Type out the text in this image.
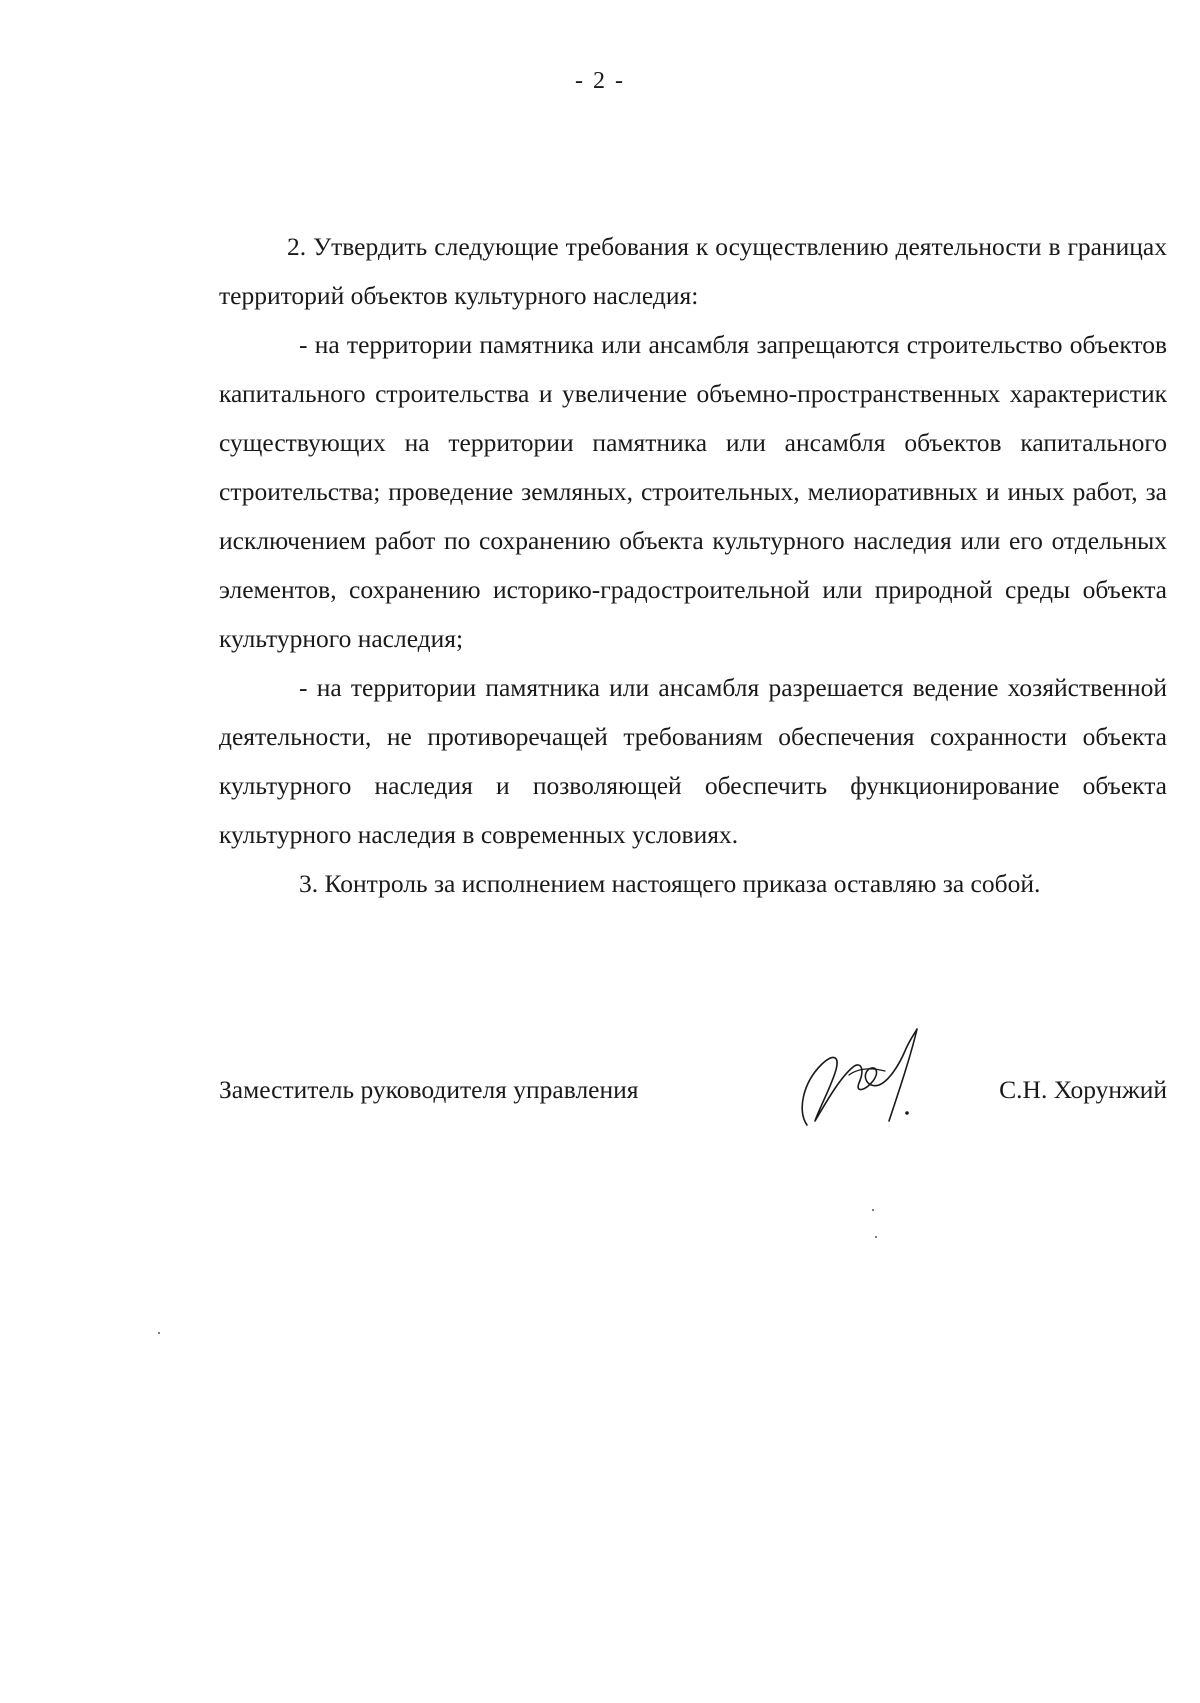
- 2 -

2. Утвердить следующие требования к осуществлению деятельности в границах территорий объектов культурного наследия:

- на территории памятника или ансамбля запрещаются строительство объектов капитального строительства и увеличение объемно-пространственных характеристик существующих на территории памятника или ансамбля объектов капитального строительства; проведение земляных, строительных, мелиоративных и иных работ, за исключением работ по сохранению объекта культурного наследия или его отдельных элементов, сохранению историко-градостроительной или природной среды объекта культурного наследия;

- на территории памятника или ансамбля разрешается ведение хозяйственной деятельности, не противоречащей требованиям обеспечения сохранности объекта культурного наследия и позволяющей обеспечить функционирование объекта культурного наследия в современных условиях.

3. Контроль за исполнением настоящего приказа оставляю за собой.

Заместитель руководителя управления	С.Н. Хорунжий
